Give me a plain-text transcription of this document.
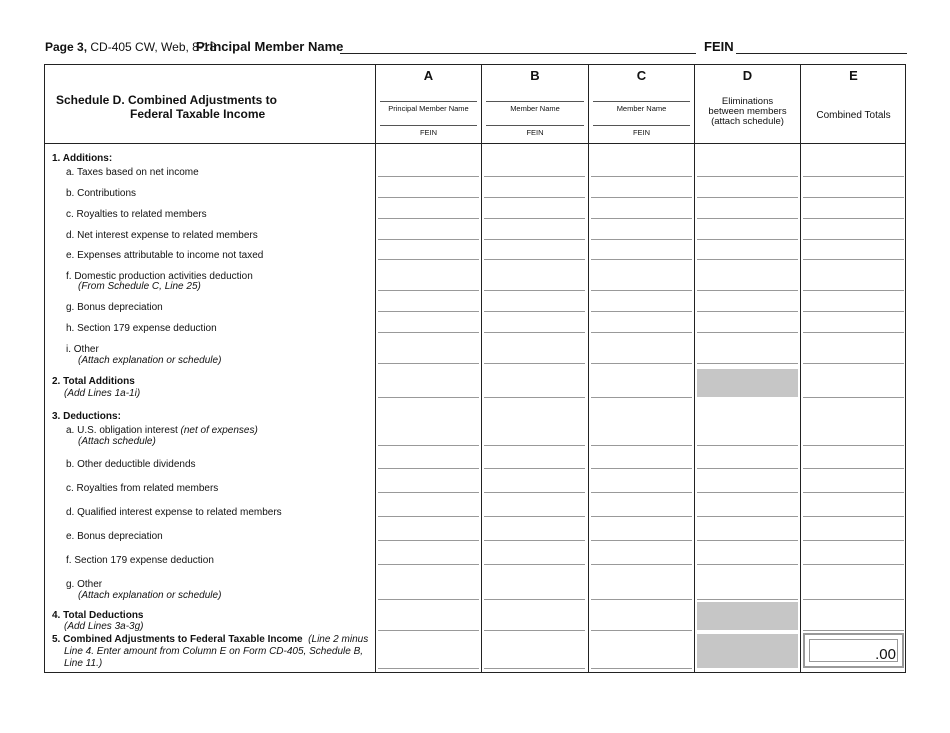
Page 3, CD-405 CW, Web, 8-18
Principal Member Name	FEIN
Schedule D. Combined Adjustments to
Federal Taxable Income
A
Principal Member Name
FEIN
B
Member Name
FEIN
C
Member Name
FEIN
D
Eliminations
between members
(attach schedule)
E
Combined Totals
1. Additions:
a. Taxes based on net income
b. Contributions
c. Royalties to related members
d. Net interest expense to related members
e. Expenses attributable to income not taxed
f. Domestic production activities deduction
(From Schedule C, Line 25)
g. Bonus depreciation
h. Section 179 expense deduction
i. Other
(Attach explanation or schedule)
2. Total Additions
(Add Lines 1a-1i)
3. Deductions:
a. U.S. obligation interest (net of expenses)
(Attach schedule)
b. Other deductible dividends
c. Royalties from related members
d. Qualified interest expense to related members
e. Bonus depreciation
f. Section 179 expense deduction
g. Other
(Attach explanation or schedule)
4. Total Deductions
(Add Lines 3a-3g)
5. Combined Adjustments to Federal Taxable Income (Line 2 minus
Line 4. Enter amount from Column E on Form CD-405, Schedule B,
Line 11.)
.00
